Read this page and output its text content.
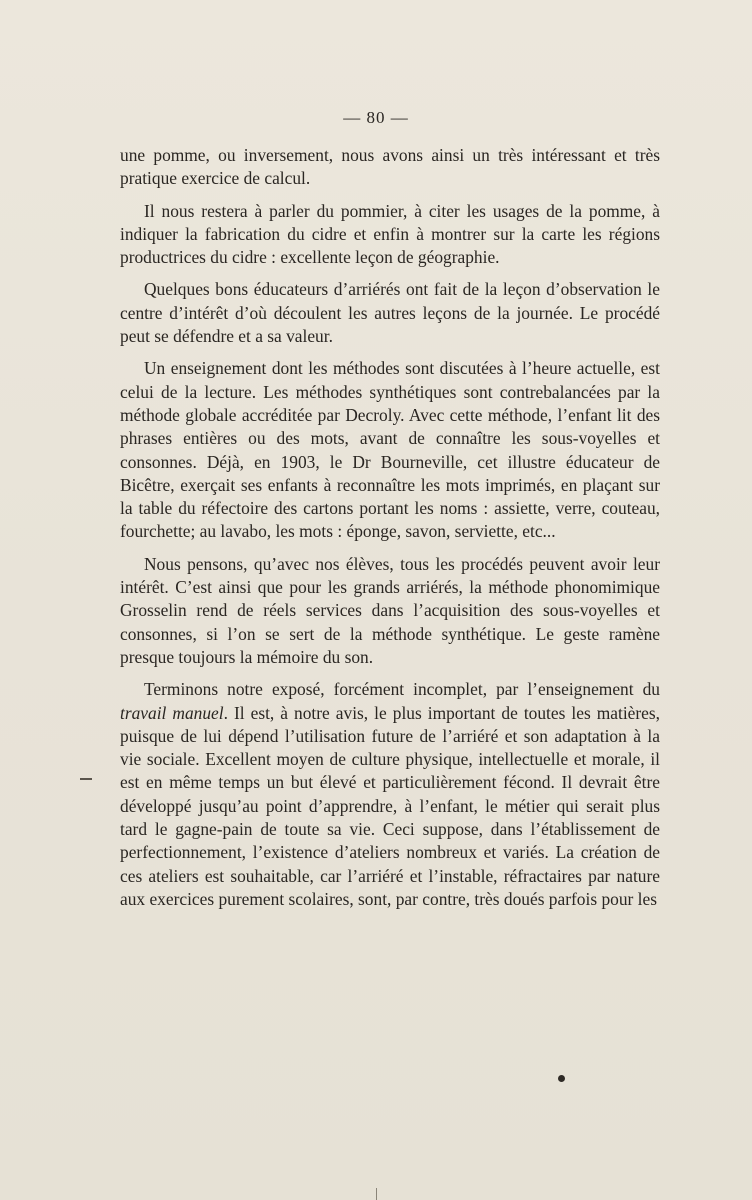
— 80 —

une pomme, ou inversement, nous avons ainsi un très intéressant et très pratique exercice de calcul.

Il nous restera à parler du pommier, à citer les usages de la pomme, à indiquer la fabrication du cidre et enfin à montrer sur la carte les régions productrices du cidre : excellente leçon de géographie.

Quelques bons éducateurs d’arriérés ont fait de la leçon d’observation le centre d’intérêt d’où découlent les autres leçons de la journée. Le procédé peut se défendre et a sa valeur.

Un enseignement dont les méthodes sont discutées à l’heure actuelle, est celui de la lecture. Les méthodes synthétiques sont contrebalancées par la méthode globale accréditée par Decroly. Avec cette méthode, l’enfant lit des phrases entières ou des mots, avant de connaître les sous-voyelles et consonnes. Déjà, en 1903, le Dr Bourneville, cet illustre éducateur de Bicêtre, exerçait ses enfants à reconnaître les mots imprimés, en plaçant sur la table du réfectoire des cartons portant les noms : assiette, verre, couteau, fourchette; au lavabo, les mots : éponge, savon, serviette, etc...

Nous pensons, qu’avec nos élèves, tous les procédés peuvent avoir leur intérêt. C’est ainsi que pour les grands arriérés, la méthode phonomimique Grosselin rend de réels services dans l’acquisition des sous-voyelles et consonnes, si l’on se sert de la méthode synthétique. Le geste ramène presque toujours la mémoire du son.

Terminons notre exposé, forcément incomplet, par l’enseignement du travail manuel. Il est, à notre avis, le plus important de toutes les matières, puisque de lui dépend l’utilisation future de l’arriéré et son adaptation à la vie sociale. Excellent moyen de culture physique, intellectuelle et morale, il est en même temps un but élevé et particulièrement fécond. Il devrait être développé jusqu’au point d’apprendre, à l’enfant, le métier qui serait plus tard le gagne-pain de toute sa vie. Ceci suppose, dans l’établissement de perfectionnement, l’existence d’ateliers nombreux et variés. La création de ces ateliers est souhaitable, car l’arriéré et l’instable, réfractaires par nature aux exercices purement scolaires, sont, par contre, très doués parfois pour les
